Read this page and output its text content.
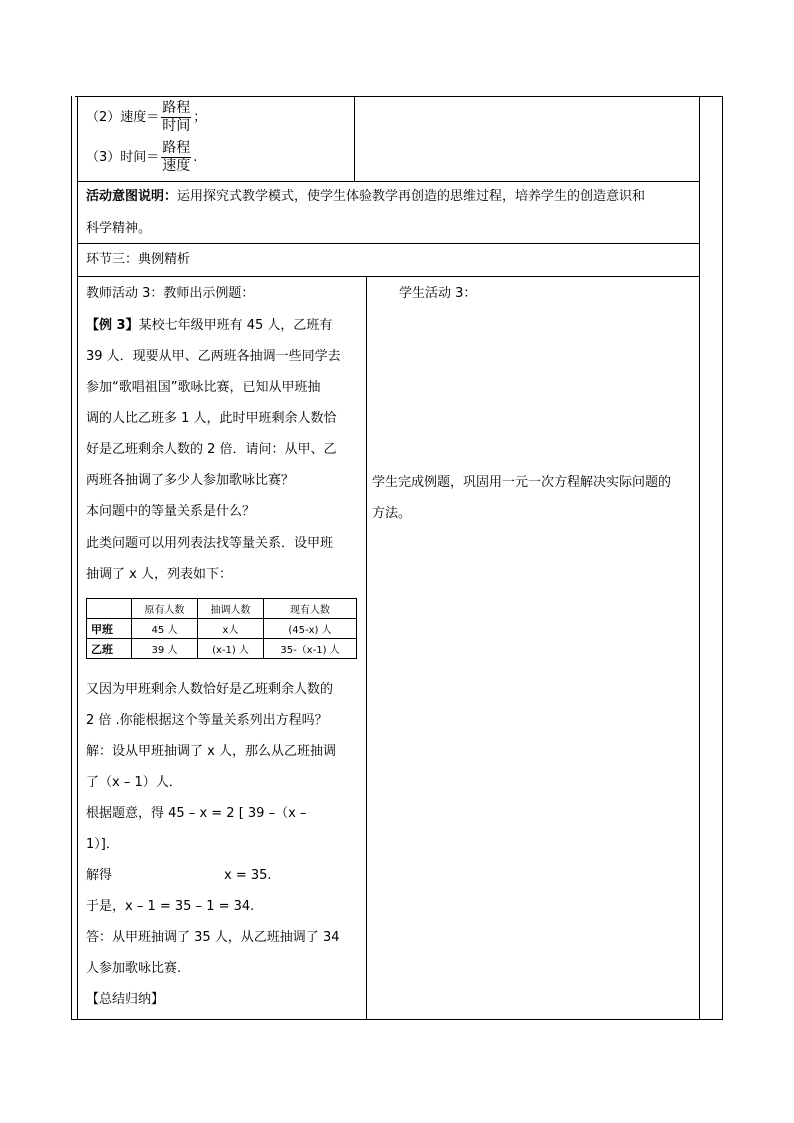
（2）速度＝ $\frac{\text{路程}}{\text{时间}}$ ；
（3）时间＝ $\frac{\text{路程}}{\text{速度}}$ .
活动意图说明：运用探究式教学模式，使学生体验教学再创造的思维过程，培养学生的创造意识和
科学精神。
环节三：典例精析
教师活动 3：教师出示例题：
【例 3】某校七年级甲班有 45 人，乙班有
39 人．现要从甲、乙两班各抽调一些同学去
参加“歌唱祖国”歌咏比赛，已知从甲班抽
调的人比乙班多 1 人，此时甲班剩余人数恰
好是乙班剩余人数的 2 倍．请问：从甲、乙
两班各抽调了多少人参加歌咏比赛？
本问题中的等量关系是什么？
此类问题可以用列表法找等量关系．设甲班
抽调了 x 人，列表如下：
	原有人数	抽调人数	现有人数
甲班	45 人	x人	(45-x) 人
乙班	39 人	(x-1) 人	35-（x-1) 人
又因为甲班剩余人数恰好是乙班剩余人数的
2 倍 .你能根据这个等量关系列出方程吗？
解：设从甲班抽调了 x 人，那么从乙班抽调
了（x – 1）人．
根据题意，得 45 – x = 2 [ 39 –（x –
1）]．
解得	x = 35.
于是，x – 1 = 35 – 1 = 34.
答：从甲班抽调了 35 人，从乙班抽调了 34
人参加歌咏比赛.
【总结归纳】
学生活动 3：
学生完成例题，巩固用一元一次方程解决实际问题的
方法。
